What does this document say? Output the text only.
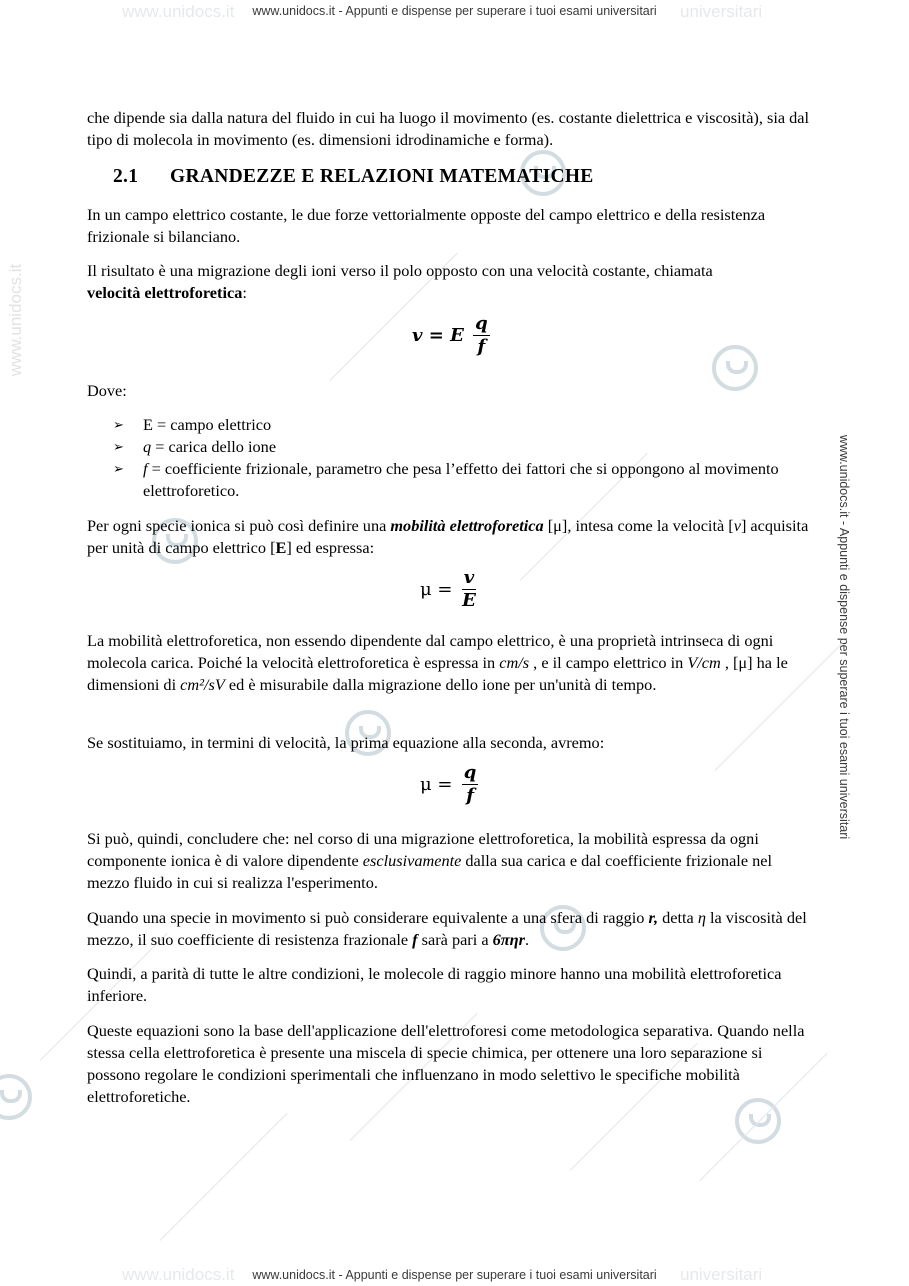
www.unidocs.it	universitari
www.unidocs.it	universitari
www.unidocs.it - Appunti e dispense per superare i tuoi esami universitari
www.unidocs.it - Appunti e dispense per superare i tuoi esami universitari
www.unidocs.it - Appunti e dispense per superare i tuoi esami universitari
www.unidocs.it
che dipende sia dalla natura del fluido in cui ha luogo il movimento (es. costante dielettrica e viscosità), sia dal tipo di molecola in movimento (es. dimensioni idrodinamiche e forma).
2.1 GRANDEZZE E RELAZIONI MATEMATICHE
In un campo elettrico costante, le due forze vettorialmente opposte del campo elettrico e della resistenza frizionale si bilanciano.
Il risultato è una migrazione degli ioni verso il polo opposto con una velocità costante, chiamata
velocità elettroforetica:
v = E $\frac{q}{f}$
Dove:
➢ E = campo elettrico
➢ q = carica dello ione
➢ f = coefficiente frizionale, parametro che pesa l’effetto dei fattori che si oppongono al movimento elettroforetico.
Per ogni specie ionica si può così definire una mobilità elettroforetica [μ], intesa come la velocità [v] acquisita per unità di campo elettrico [E] ed espressa:
$\mu = \frac{v}{E}$
La mobilità elettroforetica, non essendo dipendente dal campo elettrico, è una proprietà intrinseca di ogni molecola carica. Poiché la velocità elettroforetica è espressa in cm/s , e il campo elettrico in V/cm , [μ] ha le dimensioni di cm²/sV ed è misurabile dalla migrazione dello ione per un'unità di tempo.
Se sostituiamo, in termini di velocità, la prima equazione alla seconda, avremo:
$\mu = \frac{q}{f}$
Si può, quindi, concludere che: nel corso di una migrazione elettroforetica, la mobilità espressa da ogni componente ionica è di valore dipendente esclusivamente dalla sua carica e dal coefficiente frizionale nel mezzo fluido in cui si realizza l'esperimento.
Quando una specie in movimento si può considerare equivalente a una sfera di raggio r, detta η la viscosità del mezzo, il suo coefficiente di resistenza frazionale f sarà pari a 6πηr.
Quindi, a parità di tutte le altre condizioni, le molecole di raggio minore hanno una mobilità elettroforetica inferiore.
Queste equazioni sono la base dell'applicazione dell'elettroforesi come metodologica separativa. Quando nella stessa cella elettroforetica è presente una miscela di specie chimica, per ottenere una loro separazione si possono regolare le condizioni sperimentali che influenzano in modo selettivo le specifiche mobilità elettroforetiche.
